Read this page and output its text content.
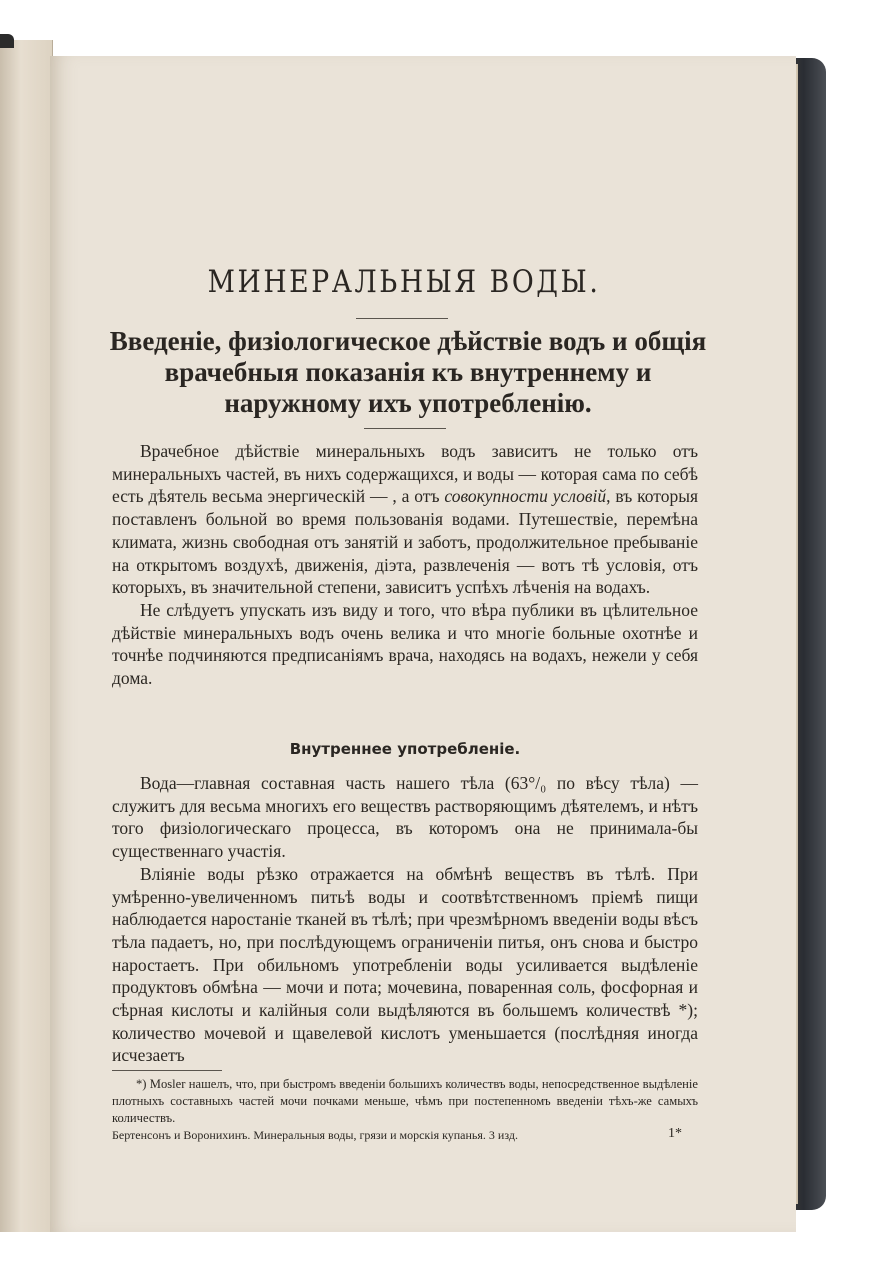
МИНЕРАЛЬНЫЯ ВОДЫ.
Введеніе, физіологическое дѣйствіе водъ и общія врачебныя показанія къ внутреннему и наружному ихъ употребленію.

Врачебное дѣйствіе минеральныхъ водъ зависитъ не только отъ минеральныхъ частей, въ нихъ содержащихся, и воды — которая сама по себѣ есть дѣятель весьма энергическій — , а отъ совокупности условій, въ которыя поставленъ больной во время пользованія водами. Путешествіе, перемѣна климата, жизнь свободная отъ занятій и заботъ, продолжительное пребываніе на открытомъ воздухѣ, движенія, діэта, развлеченія — вотъ тѣ условія, отъ которыхъ, въ значительной степени, зависитъ успѣхъ лѣченія на водахъ.

Не слѣдуетъ упускать изъ виду и того, что вѣра публики въ цѣлительное дѣйствіе минеральныхъ водъ очень велика и что многіе больные охотнѣе и точнѣе подчиняются предписаніямъ врача, находясь на водахъ, нежели у себя дома.

Внутреннее употребленіе.

Вода—главная составная часть нашего тѣла (63°/₀ по вѣсу тѣла) — служитъ для весьма многихъ его веществъ растворяющимъ дѣятелемъ, и нѣтъ того физіологическаго процесса, въ которомъ она не принимала-бы существеннаго участія.

Вліяніе воды рѣзко отражается на обмѣнѣ веществъ въ тѣлѣ. При умѣренно-увеличенномъ питьѣ воды и соотвѣтственномъ пріемѣ пищи наблюдается наростаніе тканей въ тѣлѣ; при чрезмѣрномъ введеніи воды вѣсъ тѣла падаетъ, но, при послѣдующемъ ограниченіи питья, онъ снова и быстро наростаетъ. При обильномъ употребленіи воды усиливается выдѣленіе продуктовъ обмѣна — мочи и пота; мочевина, поваренная соль, фосфорная и сѣрная кислоты и калійныя соли выдѣляются въ большемъ количествѣ *); количество мочевой и щавелевой кислотъ уменьшается (послѣдняя иногда исчезаетъ

*) Mosler нашелъ, что, при быстромъ введеніи большихъ количествъ воды, непосредственное выдѣленіе плотныхъ составныхъ частей мочи почками меньше, чѣмъ при постепенномъ введеніи тѣхъ-же самыхъ количествъ.

Бертенсонъ и Воронихинъ. Минеральныя воды, грязи и морскія купанья. 3 изд.	1*
